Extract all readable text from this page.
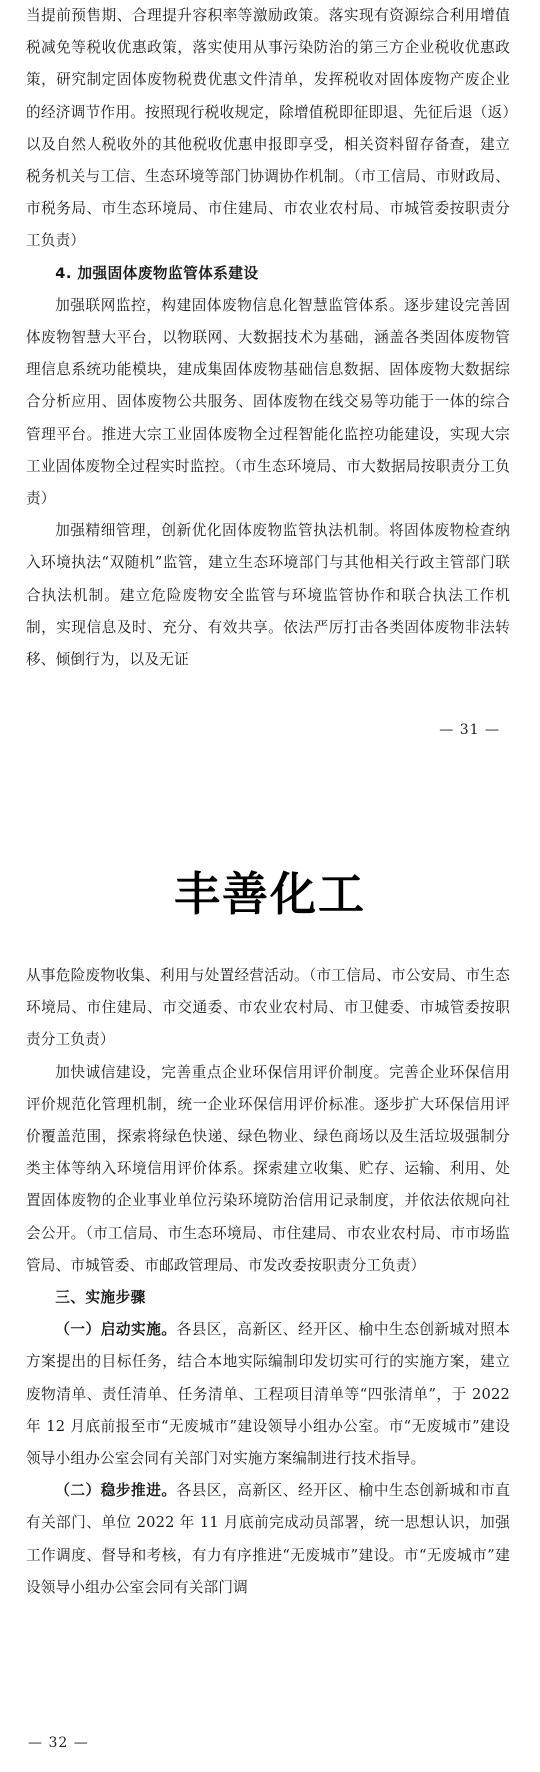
当提前预售期、合理提升容积率等激励政策。落实现有资源综合利用增值税减免等税收优惠政策，落实使用从事污染防治的第三方企业税收优惠政策，研究制定固体废物税费优惠文件清单，发挥税收对固体废物产废企业的经济调节作用。按照现行税收规定，除增值税即征即退、先征后退（返）以及自然人税收外的其他税收优惠申报即享受，相关资料留存备查，建立税务机关与工信、生态环境等部门协调协作机制。（市工信局、市财政局、市税务局、市生态环境局、市住建局、市农业农村局、市城管委按职责分工负责）

4. 加强固体废物监管体系建设

加强联网监控，构建固体废物信息化智慧监管体系。逐步建设完善固体废物智慧大平台，以物联网、大数据技术为基础，涵盖各类固体废物管理信息系统功能模块，建成集固体废物基础信息数据、固体废物大数据综合分析应用、固体废物公共服务、固体废物在线交易等功能于一体的综合管理平台。推进大宗工业固体废物全过程智能化监控功能建设，实现大宗工业固体废物全过程实时监控。（市生态环境局、市大数据局按职责分工负责）

加强精细管理，创新优化固体废物监管执法机制。将固体废物检查纳入环境执法“双随机”监管，建立生态环境部门与其他相关行政主管部门联合执法机制。建立危险废物安全监管与环境监管协作和联合执法工作机制，实现信息及时、充分、有效共享。依法严厉打击各类固体废物非法转移、倾倒行为，以及无证

— 31 —
丰善化工

从事危险废物收集、利用与处置经营活动。（市工信局、市公安局、市生态环境局、市住建局、市交通委、市农业农村局、市卫健委、市城管委按职责分工负责）

加快诚信建设，完善重点企业环保信用评价制度。完善企业环保信用评价规范化管理机制，统一企业环保信用评价标准。逐步扩大环保信用评价覆盖范围，探索将绿色快递、绿色物业、绿色商场以及生活垃圾强制分类主体等纳入环境信用评价体系。探索建立收集、贮存、运输、利用、处置固体废物的企业事业单位污染环境防治信用记录制度，并依法依规向社会公开。（市工信局、市生态环境局、市住建局、市农业农村局、市市场监管局、市城管委、市邮政管理局、市发改委按职责分工负责）

三、实施步骤

（一）启动实施。各县区，高新区、经开区、榆中生态创新城对照本方案提出的目标任务，结合本地实际编制印发切实可行的实施方案，建立废物清单、责任清单、任务清单、工程项目清单等“四张清单”，于 2022 年 12 月底前报至市“无废城市”建设领导小组办公室。市“无废城市”建设领导小组办公室会同有关部门对实施方案编制进行技术指导。

（二）稳步推进。各县区，高新区、经开区、榆中生态创新城和市直有关部门、单位 2022 年 11 月底前完成动员部署，统一思想认识，加强工作调度、督导和考核，有力有序推进“无废城市”建设。市“无废城市”建设领导小组办公室会同有关部门调

— 32 —
